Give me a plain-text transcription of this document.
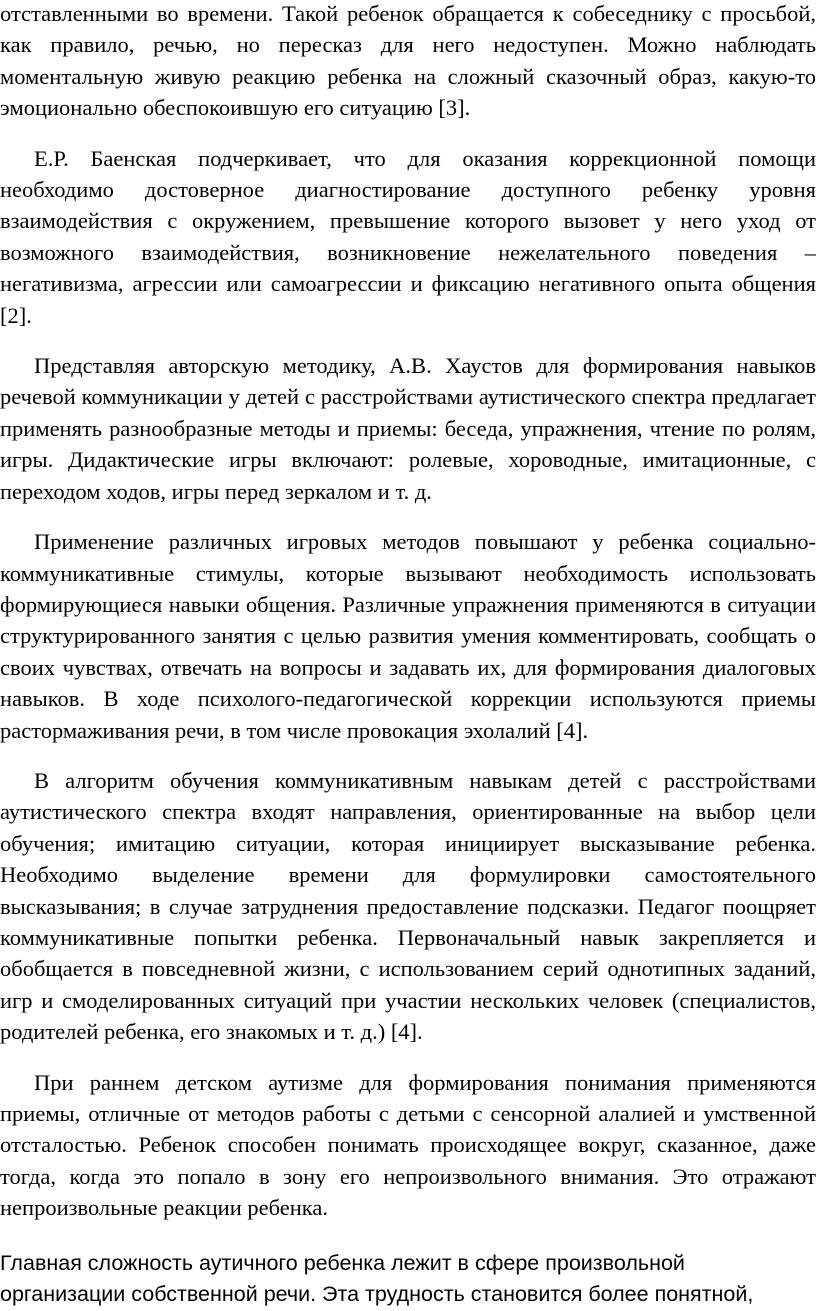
отставленными во времени. Такой ребенок обращается к собеседнику с просьбой, как правило, речью, но пересказ для него недоступен. Можно наблюдать моментальную живую реакцию ребенка на сложный сказочный образ, какую-то эмоционально обеспокоившую его ситуацию [3].

Е.Р. Баенская подчеркивает, что для оказания коррекционной помощи необходимо достоверное диагностирование доступного ребенку уровня взаимодействия с окружением, превышение которого вызовет у него уход от возможного взаимодействия, возникновение нежелательного поведения – негативизма, агрессии или самоагрессии и фиксацию негативного опыта общения [2].

Представляя авторскую методику, А.В. Хаустов для формирования навыков речевой коммуникации у детей с расстройствами аутистического спектра предлагает применять разнообразные методы и приемы: беседа, упражнения, чтение по ролям, игры. Дидактические игры включают: ролевые, хороводные, имитационные, с переходом ходов, игры перед зеркалом и т. д.

Применение различных игровых методов повышают у ребенка социально-коммуникативные стимулы, которые вызывают необходимость использовать формирующиеся навыки общения. Различные упражнения применяются в ситуации структурированного занятия с целью развития умения комментировать, сообщать о своих чувствах, отвечать на вопросы и задавать их, для формирования диалоговых навыков. В ходе психолого-педагогической коррекции используются приемы растормаживания речи, в том числе провокация эхолалий [4].

В алгоритм обучения коммуникативным навыкам детей с расстройствами аутистического спектра входят направления, ориентированные на выбор цели обучения; имитацию ситуации, которая инициирует высказывание ребенка. Необходимо выделение времени для формулировки самостоятельного высказывания; в случае затруднения предоставление подсказки. Педагог поощряет коммуникативные попытки ребенка. Первоначальный навык закрепляется и обобщается в повседневной жизни, с использованием серий однотипных заданий, игр и смоделированных ситуаций при участии нескольких человек (специалистов, родителей ребенка, его знакомых и т. д.) [4].

При раннем детском аутизме для формирования понимания применяются приемы, отличные от методов работы с детьми с сенсорной алалией и умственной отсталостью. Ребенок способен понимать происходящее вокруг, сказанное, даже тогда, когда это попало в зону его непроизвольного внимания. Это отражают непроизвольные реакции ребенка.

Главная сложность аутичного ребенка лежит в сфере произвольной организации собственной речи. Эта трудность становится более понятной,
